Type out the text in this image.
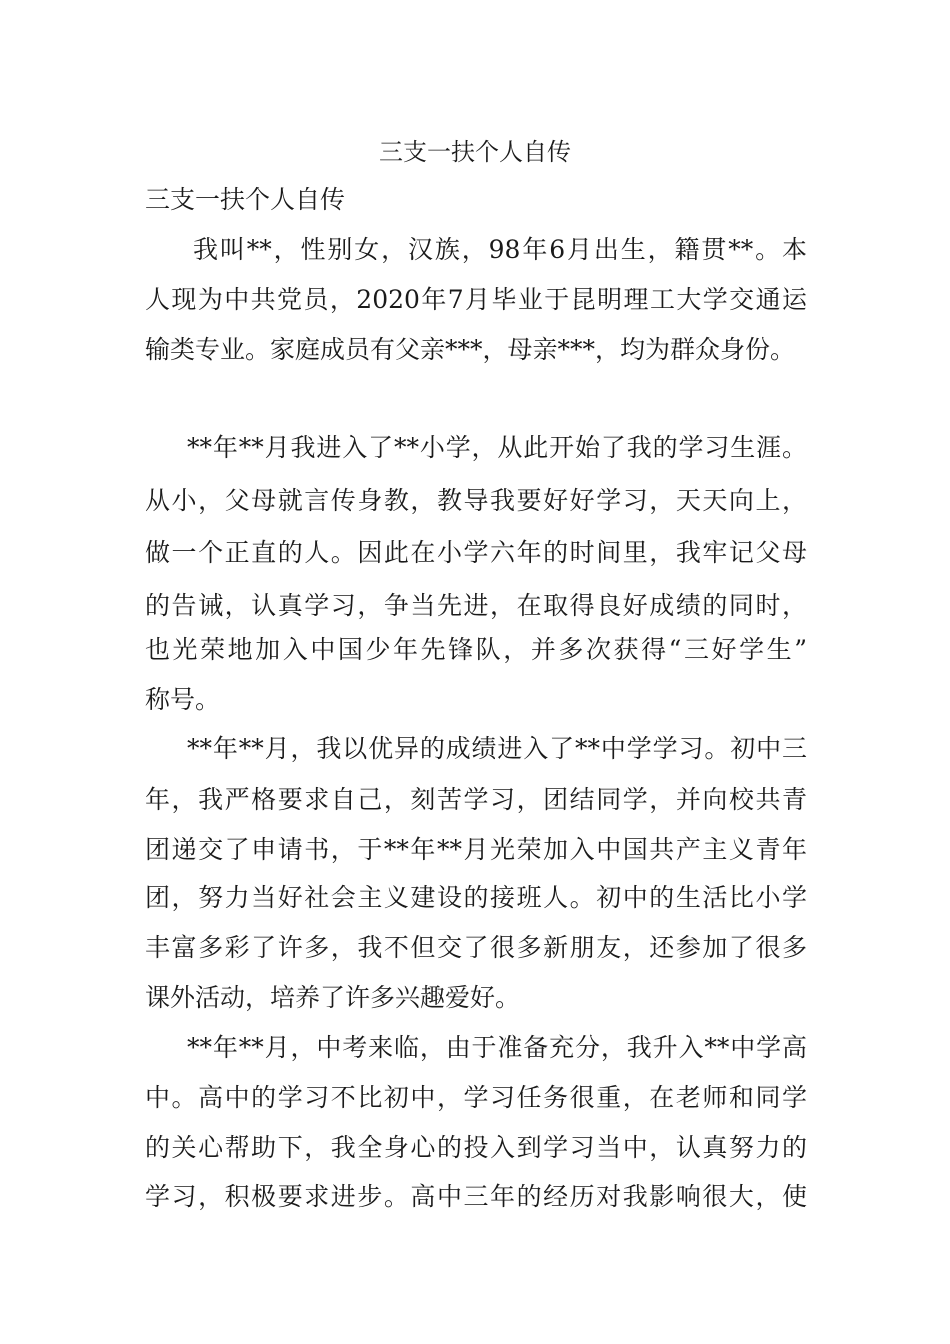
三支一扶个人自传
三支一扶个人自传
我叫**，性别女，汉族，98年6月出生，籍贯**。本
人现为中共党员，2020年7月毕业于昆明理工大学交通运
输类专业。家庭成员有父亲***，母亲***，均为群众身份。
**年**月我进入了**小学，从此开始了我的学习生涯。
从小，父母就言传身教，教导我要好好学习，天天向上，
做一个正直的人。因此在小学六年的时间里，我牢记父母
的告诫，认真学习，争当先进，在取得良好成绩的同时，
也光荣地加入中国少年先锋队，并多次获得“三好学生”
称号。
**年**月，我以优异的成绩进入了**中学学习。初中三
年，我严格要求自己，刻苦学习，团结同学，并向校共青
团递交了申请书，于**年**月光荣加入中国共产主义青年
团，努力当好社会主义建设的接班人。初中的生活比小学
丰富多彩了许多，我不但交了很多新朋友，还参加了很多
课外活动，培养了许多兴趣爱好。
**年**月，中考来临，由于准备充分，我升入**中学高
中。高中的学习不比初中，学习任务很重，在老师和同学
的关心帮助下，我全身心的投入到学习当中，认真努力的
学习，积极要求进步。高中三年的经历对我影响很大，使
